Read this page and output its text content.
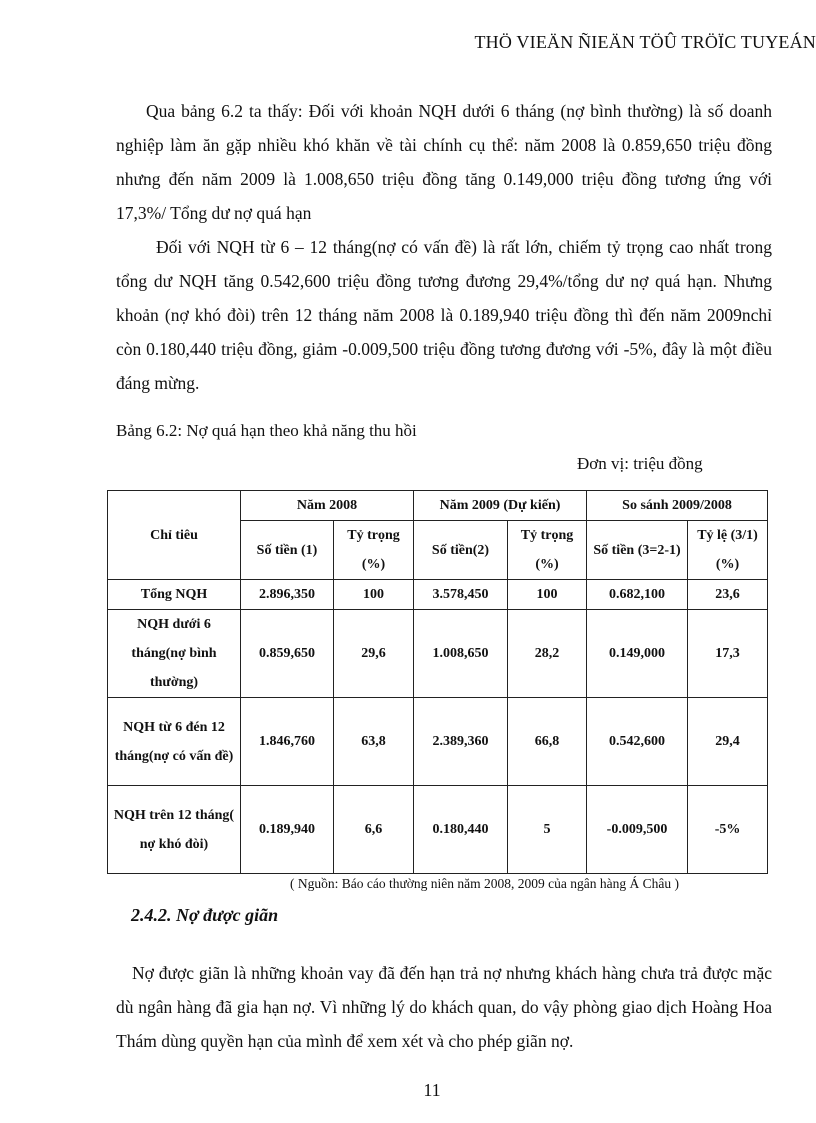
THÖ VIEÄN ÑIEÄN TÖÛ TRÖÏC TUYEÁN

Qua bảng 6.2 ta thấy: Đối với khoản NQH dưới 6 tháng (nợ bình thường) là số doanh nghiệp làm ăn gặp nhiều khó khăn về tài chính cụ thể: năm 2008 là 0.859,650 triệu đồng nhưng đến năm 2009 là 1.008,650 triệu đồng tăng 0.149,000 triệu đồng tương ứng với 17,3%/ Tổng dư nợ quá hạn

Đối với NQH từ 6 – 12 tháng(nợ có vấn đề) là rất lớn, chiếm tỷ trọng cao nhất trong tổng dư NQH tăng 0.542,600 triệu đồng tương đương 29,4%/tổng dư nợ quá hạn. Nhưng khoản (nợ khó đòi) trên 12 tháng năm 2008 là 0.189,940 triệu đồng thì đến năm 2009nchỉ còn 0.180,440 triệu đồng, giảm -0.009,500 triệu đồng tương đương với -5%, đây là một điều đáng mừng.

Bảng 6.2: Nợ quá hạn theo khả năng thu hồi
Đơn vị: triệu đồng
Chỉ tiêu	Năm 2008		Năm 2009 (Dự kiến)		So sánh 2009/2008	
	Số tiền (1)	Tỷ trọng (%)	Số tiền(2)	Tỷ trọng (%)	Số tiền (3=2-1)	Tỷ lệ (3/1)(%)
Tổng NQH	2.896,350	100	3.578,450	100	0.682,100	23,6
NQH dưới 6 tháng(nợ bình thường)	0.859,650	29,6	1.008,650	28,2	0.149,000	17,3
NQH từ 6 đén 12 tháng(nợ có vấn đề)	1.846,760	63,8	2.389,360	66,8	0.542,600	29,4
NQH trên 12 tháng( nợ khó đòi)	0.189,940	6,6	0.180,440	5	-0.009,500	-5%
( Nguồn: Báo cáo thường niên năm 2008, 2009 của ngân hàng Á Châu )
2.4.2. Nợ được giãn

Nợ được giãn là những khoản vay đã đến hạn trả nợ nhưng khách hàng chưa trả được mặc dù ngân hàng đã gia hạn nợ. Vì những lý do khách quan, do vậy phòng giao dịch Hoàng Hoa Thám dùng quyền hạn của mình để xem xét và cho phép giãn nợ.

11
